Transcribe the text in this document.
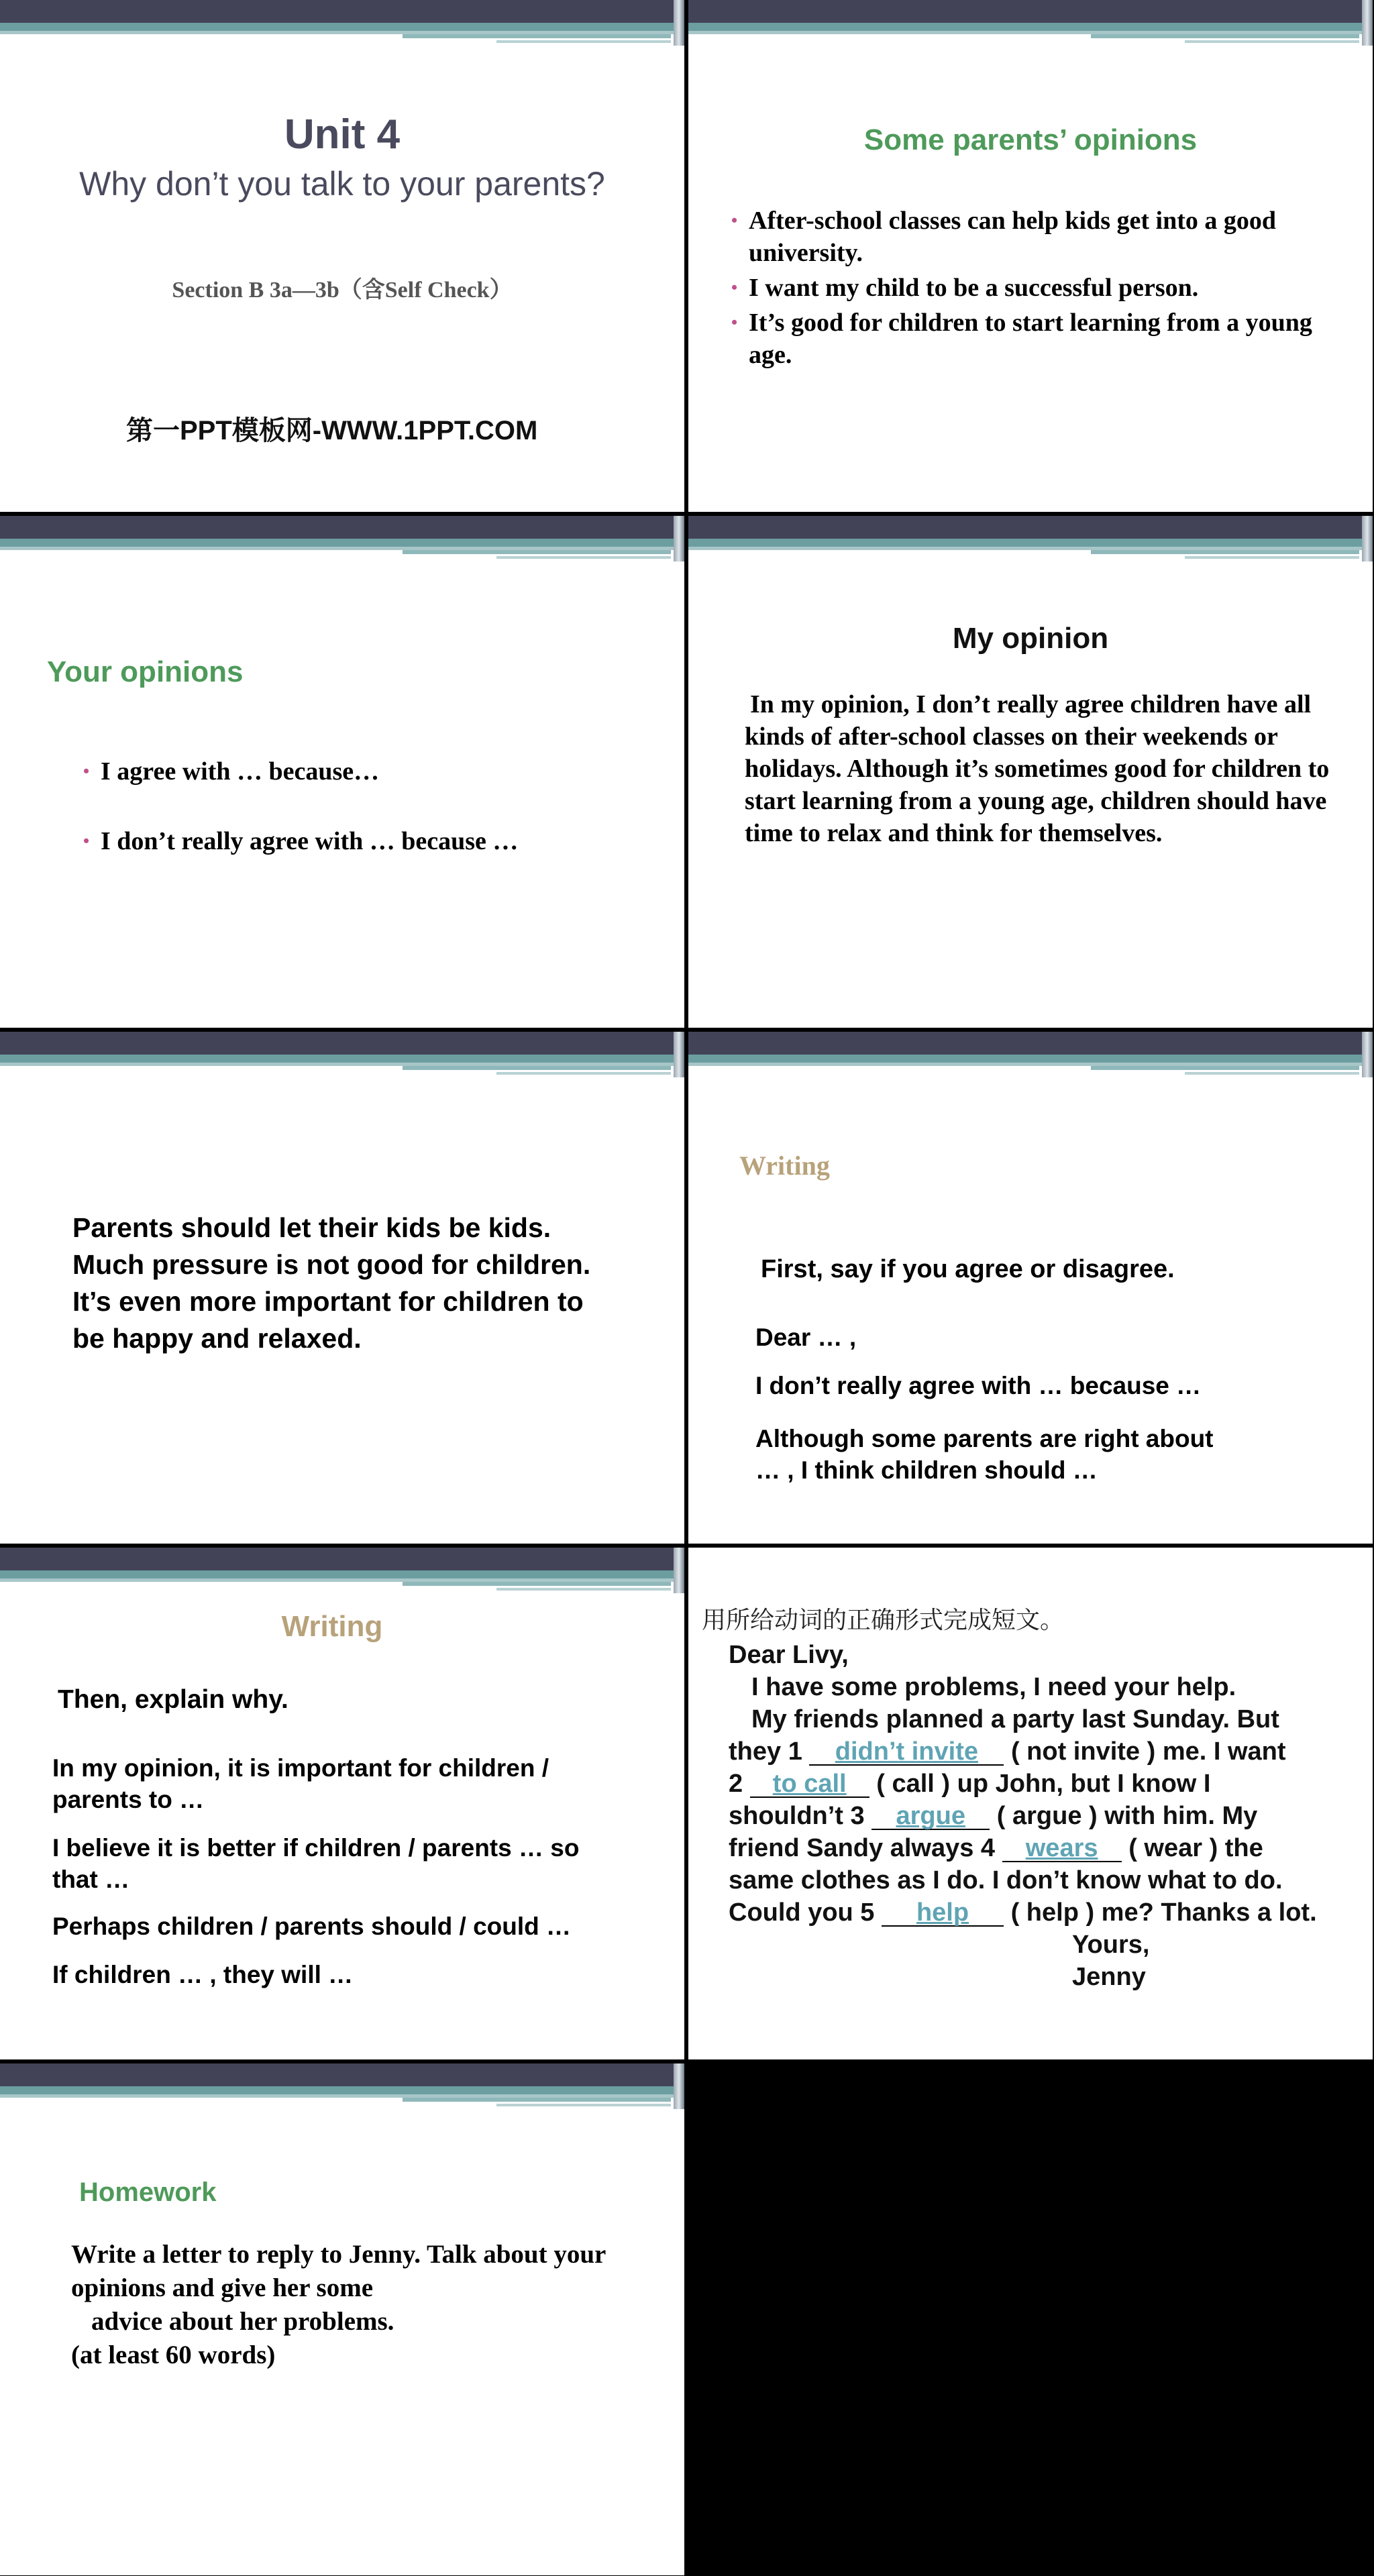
Unit 4
Why don’t you talk to your parents?
Section B 3a—3b（含Self Check）
第一PPT模板网-WWW.1PPT.COM
Some parents’ opinions
• After-school classes can help kids get into a good university.
• I want my child to be a successful person.
• It’s good for children to start learning from a young age.
Your opinions
• I agree with … because…
• I don’t really agree with … because …
My opinion

In my opinion, I don’t really agree children have all kinds of after-school classes on their weekends or holidays. Although it’s sometimes good for children to start learning from a young age, children should have time to relax and think for themselves.

Parents should let their kids be kids. Much pressure is not good for children. It’s even more important for children to be happy and relaxed.

Writing
First, say if you agree or disagree.
Dear … ,
I don’t really agree with … because …
Although some parents are right about … , I think children should …
Writing
Then, explain why.
In my opinion, it is important for children / parents to …
I believe it is better if children / parents … so that …
Perhaps children / parents should / could …
If children … , they will …
用所给动词的正确形式完成短文。
Dear Livy,
I have some problems, I need your help.
My friends planned a party last Sunday. But
they 1 didn’t invite ( not invite ) me. I want
2 to call ( call ) up John, but I know I
shouldn’t 3 argue ( argue ) with him. My
friend Sandy always 4 wears ( wear ) the
same clothes as I do. I don’t know what to do.
Could you 5 help ( help ) me? Thanks a lot.
Yours,
Jenny
Homework
Write a letter to reply to Jenny. Talk about your opinions and give her some
advice about her problems.
(at least 60 words)
